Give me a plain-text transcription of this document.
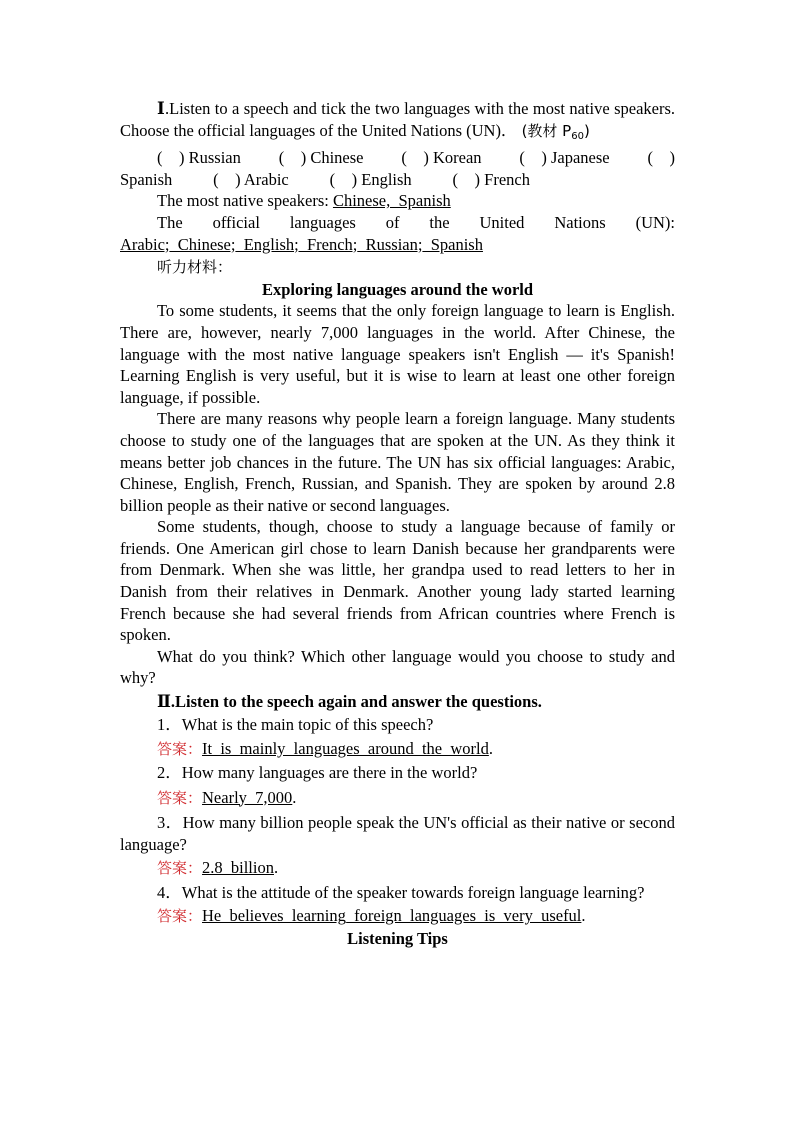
Ⅰ.Listen to a speech and tick the two languages with the most native speakers. Choose the official languages of the United Nations (UN)． (教材 $P_{60}$)

(　) Russian (　) Chinese (　) Korean (　) Japanese (　)
Spanish (　) Arabic (　) English (　) French

The most native speakers: Chinese,_Spanish

The official languages of the United Nations (UN):

Arabic;_Chinese;_English;_French;_Russian;_Spanish

听力材料：

Exploring languages around the world

To some students, it seems that the only foreign language to learn is English. There are, however, nearly 7,000 languages in the world. After Chinese, the language with the most native language speakers isn't English — it's Spanish! Learning English is very useful, but it is wise to learn at least one other foreign language, if possible.

There are many reasons why people learn a foreign language. Many students choose to study one of the languages that are spoken at the UN. As they think it means better job chances in the future. The UN has six official languages: Arabic, Chinese, English, French, Russian, and Spanish. They are spoken by around 2.8 billion people as their native or second languages.

Some students, though, choose to study a language because of family or friends. One American girl chose to learn Danish because her grandparents were from Denmark. When she was little, her grandpa used to read letters to her in Danish from their relatives in Denmark. Another young lady started learning French because she had several friends from African countries where French is spoken.

What do you think? Which other language would you choose to study and why?

Ⅱ.Listen to the speech again and answer the questions.

1．What is the main topic of this speech?

答案：It_is_mainly_languages_around_the_world.

2．How many languages are there in the world?

答案：Nearly_7,000.

3．How many billion people speak the UN's official as their native or second language?

答案：2.8_billion.

4．What is the attitude of the speaker towards foreign language learning?

答案：He_believes_learning_foreign_languages_is_very_useful.

Listening Tips
